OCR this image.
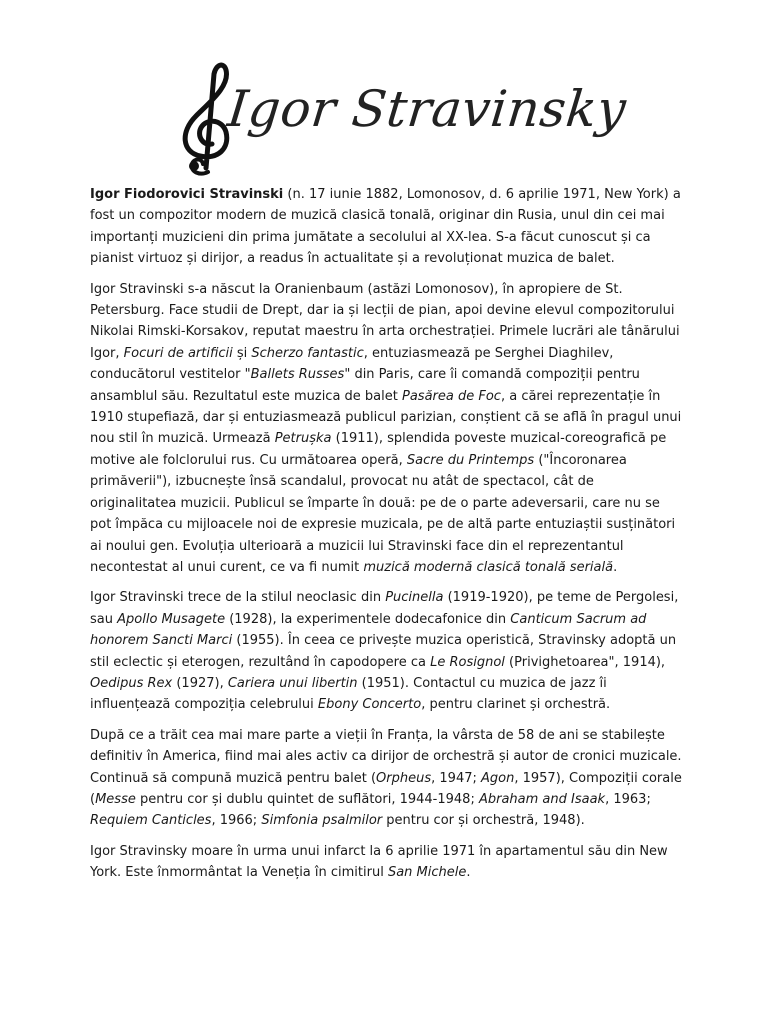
Igor Stravinsky

Igor Fiodorovici Stravinski (n. 17 iunie 1882, Lomonosov, d. 6 aprilie 1971, New York) a fost un compozitor modern de muzică clasică tonală, originar din Rusia, unul din cei mai importanți muzicieni din prima jumătate a secolului al XX-lea. S-a făcut cunoscut și ca pianist virtuoz și dirijor, a readus în actualitate și a revoluționat muzica de balet.

Igor Stravinski s-a născut la Oranienbaum (astăzi Lomonosov), în apropiere de St. Petersburg. Face studii de Drept, dar ia și lecții de pian, apoi devine elevul compozitorului Nikolai Rimski-Korsakov, reputat maestru în arta orchestrației. Primele lucrări ale tânărului Igor, Focuri de artificii și Scherzo fantastic, entuziasmează pe Serghei Diaghilev, conducătorul vestitelor "Ballets Russes" din Paris, care îi comandă compoziții pentru ansamblul său. Rezultatul este muzica de balet Pasărea de Foc, a cărei reprezentație în 1910 stupefiază, dar și entuziasmează publicul parizian, conștient că se află în pragul unui nou stil în muzică. Urmează Petrușka (1911), splendida poveste muzical-coreografică pe motive ale folclorului rus. Cu următoarea operă, Sacre du Printemps ("Încoronarea primăverii"), izbucnește însă scandalul, provocat nu atât de spectacol, cât de originalitatea muzicii. Publicul se împarte în două: pe de o parte adeversarii, care nu se pot împăca cu mijloacele noi de expresie muzicala, pe de altă parte entuziaștii susținători ai noului gen. Evoluția ulterioară a muzicii lui Stravinski face din el reprezentantul necontestat al unui curent, ce va fi numit muzică modernă clasică tonală serială.

Igor Stravinski trece de la stilul neoclasic din Pucinella (1919-1920), pe teme de Pergolesi, sau Apollo Musagete (1928), la experimentele dodecafonice din Canticum Sacrum ad honorem Sancti Marci (1955). În ceea ce privește muzica operistică, Stravinsky adoptă un stil eclectic și eterogen, rezultând în capodopere ca Le Rosignol (Privighetoarea", 1914), Oedipus Rex (1927), Cariera unui libertin (1951). Contactul cu muzica de jazz îi influențează compoziția celebrului Ebony Concerto, pentru clarinet și orchestră.

După ce a trăit cea mai mare parte a vieții în Franța, la vârsta de 58 de ani se stabilește definitiv în America, fiind mai ales activ ca dirijor de orchestră și autor de cronici muzicale. Continuă să compună muzică pentru balet (Orpheus, 1947; Agon, 1957), Compoziții corale (Messe pentru cor și dublu quintet de suflători, 1944-1948; Abraham and Isaak, 1963; Requiem Canticles, 1966; Simfonia psalmilor pentru cor și orchestră, 1948).

Igor Stravinsky moare în urma unui infarct la 6 aprilie 1971 în apartamentul său din New York. Este înmormântat la Veneția în cimitirul San Michele.
